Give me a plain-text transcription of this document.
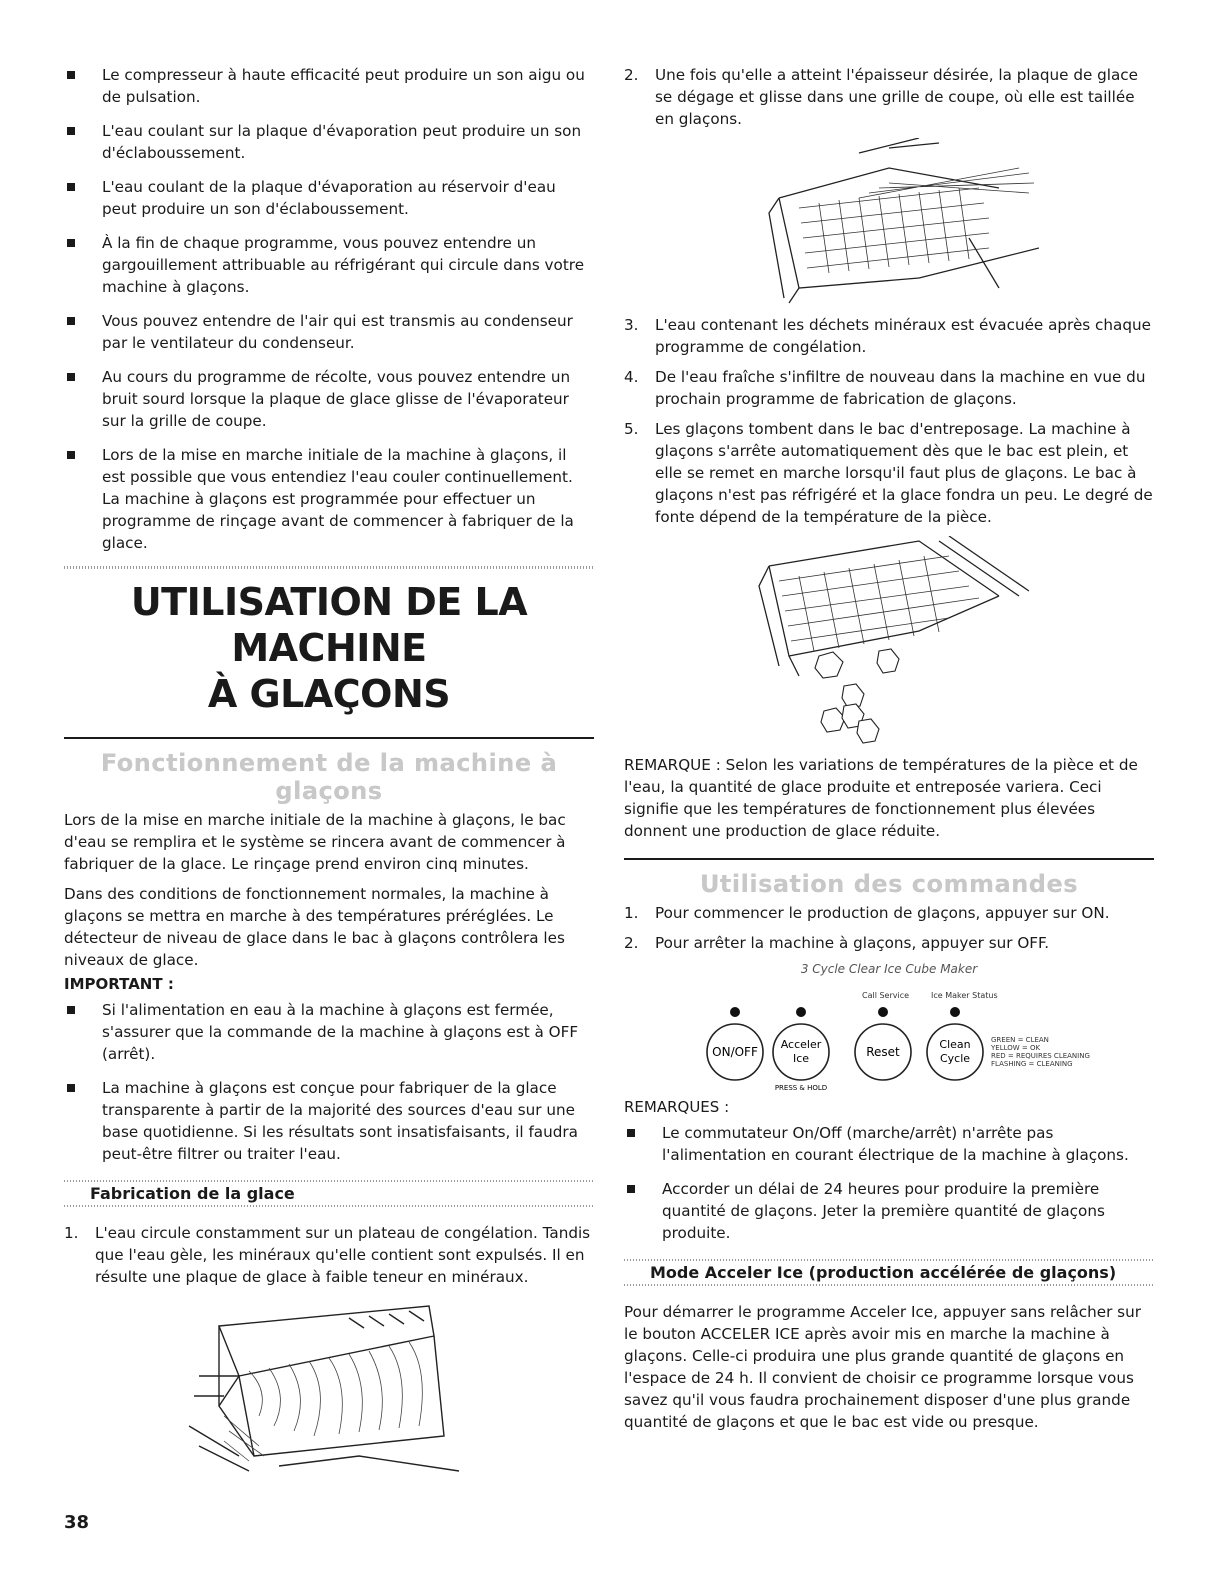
Le compresseur à haute efficacité peut produire un son aigu ou de pulsation.
L'eau coulant sur la plaque d'évaporation peut produire un son d'éclaboussement.
L'eau coulant de la plaque d'évaporation au réservoir d'eau peut produire un son d'éclaboussement.
À la fin de chaque programme, vous pouvez entendre un gargouillement attribuable au réfrigérant qui circule dans votre machine à glaçons.
Vous pouvez entendre de l'air qui est transmis au condenseur par le ventilateur du condenseur.
Au cours du programme de récolte, vous pouvez entendre un bruit sourd lorsque la plaque de glace glisse de l'évaporateur sur la grille de coupe.
Lors de la mise en marche initiale de la machine à glaçons, il est possible que vous entendiez l'eau couler continuellement. La machine à glaçons est programmée pour effectuer un programme de rinçage avant de commencer à fabriquer de la glace.
UTILISATION DE LA MACHINE
À GLAÇONS
Fonctionnement de la machine à glaçons

Lors de la mise en marche initiale de la machine à glaçons, le bac d'eau se remplira et le système se rincera avant de commencer à fabriquer de la glace. Le rinçage prend environ cinq minutes.

Dans des conditions de fonctionnement normales, la machine à glaçons se mettra en marche à des températures préréglées. Le détecteur de niveau de glace dans le bac à glaçons contrôlera les niveaux de glace.

IMPORTANT :
Si l'alimentation en eau à la machine à glaçons est fermée, s'assurer que la commande de la machine à glaçons est à OFF (arrêt).
La machine à glaçons est conçue pour fabriquer de la glace transparente à partir de la majorité des sources d'eau sur une base quotidienne. Si les résultats sont insatisfaisants, il faudra peut-être filtrer ou traiter l'eau.
Fabrication de la glace
1. L'eau circule constamment sur un plateau de congélation. Tandis que l'eau gèle, les minéraux qu'elle contient sont expulsés. Il en résulte une plaque de glace à faible teneur en minéraux.
2. Une fois qu'elle a atteint l'épaisseur désirée, la plaque de glace se dégage et glisse dans une grille de coupe, où elle est taillée en glaçons.
3. L'eau contenant les déchets minéraux est évacuée après chaque programme de congélation.
4. De l'eau fraîche s'infiltre de nouveau dans la machine en vue du prochain programme de fabrication de glaçons.
5. Les glaçons tombent dans le bac d'entreposage. La machine à glaçons s'arrête automatiquement dès que le bac est plein, et elle se remet en marche lorsqu'il faut plus de glaçons. Le bac à glaçons n'est pas réfrigéré et la glace fondra un peu. Le degré de fonte dépend de la température de la pièce.

REMARQUE : Selon les variations de températures de la pièce et de l'eau, la quantité de glace produite et entreposée variera. Ceci signifie que les températures de fonctionnement plus élevées donnent une production de glace réduite.

Utilisation des commandes
1. Pour commencer le production de glaçons, appuyer sur ON.
2. Pour arrêter la machine à glaçons, appuyer sur OFF.
3 Cycle Clear Ice Cube Maker
Call Service	Ice Maker Status
ON/OFF
Acceler
Ice
PRESS & HOLD
Reset
Clean
Cycle
GREEN = CLEAN
YELLOW = OK
RED = REQUIRES CLEANING
FLASHING = CLEANING
REMARQUES :
Le commutateur On/Off (marche/arrêt) n'arrête pas l'alimentation en courant électrique de la machine à glaçons.
Accorder un délai de 24 heures pour produire la première quantité de glaçons. Jeter la première quantité de glaçons produite.
Mode Acceler Ice (production accélérée de glaçons)

Pour démarrer le programme Acceler Ice, appuyer sans relâcher sur le bouton ACCELER ICE après avoir mis en marche la machine à glaçons. Celle-ci produira une plus grande quantité de glaçons en l'espace de 24 h. Il convient de choisir ce programme lorsque vous savez qu'il vous faudra prochainement disposer d'une plus grande quantité de glaçons et que le bac est vide ou presque.

38
